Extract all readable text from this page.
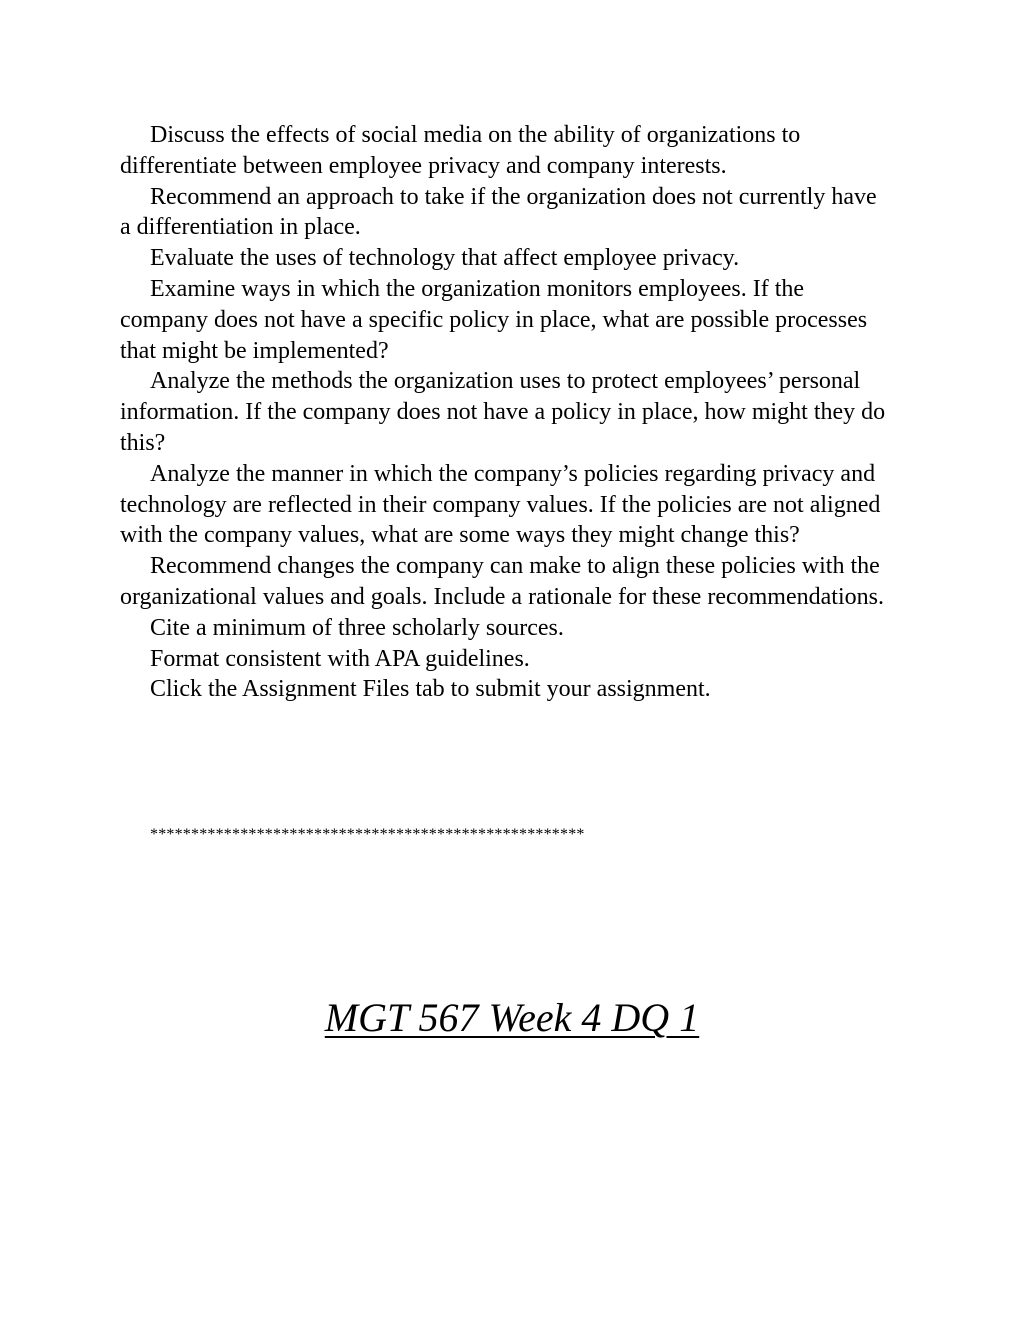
Discuss the effects of social media on the ability of organizations to differentiate between employee privacy and company interests.

Recommend an approach to take if the organization does not currently have a differentiation in place.

Evaluate the uses of technology that affect employee privacy.

Examine ways in which the organization monitors employees. If the company does not have a specific policy in place, what are possible processes that might be implemented?

Analyze the methods the organization uses to protect employees’ personal information. If the company does not have a policy in place, how might they do this?

Analyze the manner in which the company’s policies regarding privacy and technology are reflected in their company values. If the policies are not aligned with the company values, what are some ways they might change this?

Recommend changes the company can make to align these policies with the organizational values and goals. Include a rationale for these recommendations.

Cite a minimum of three scholarly sources.

Format consistent with APA guidelines.

Click the Assignment Files tab to submit your assignment.

*****************************************************
MGT 567 Week 4 DQ 1
